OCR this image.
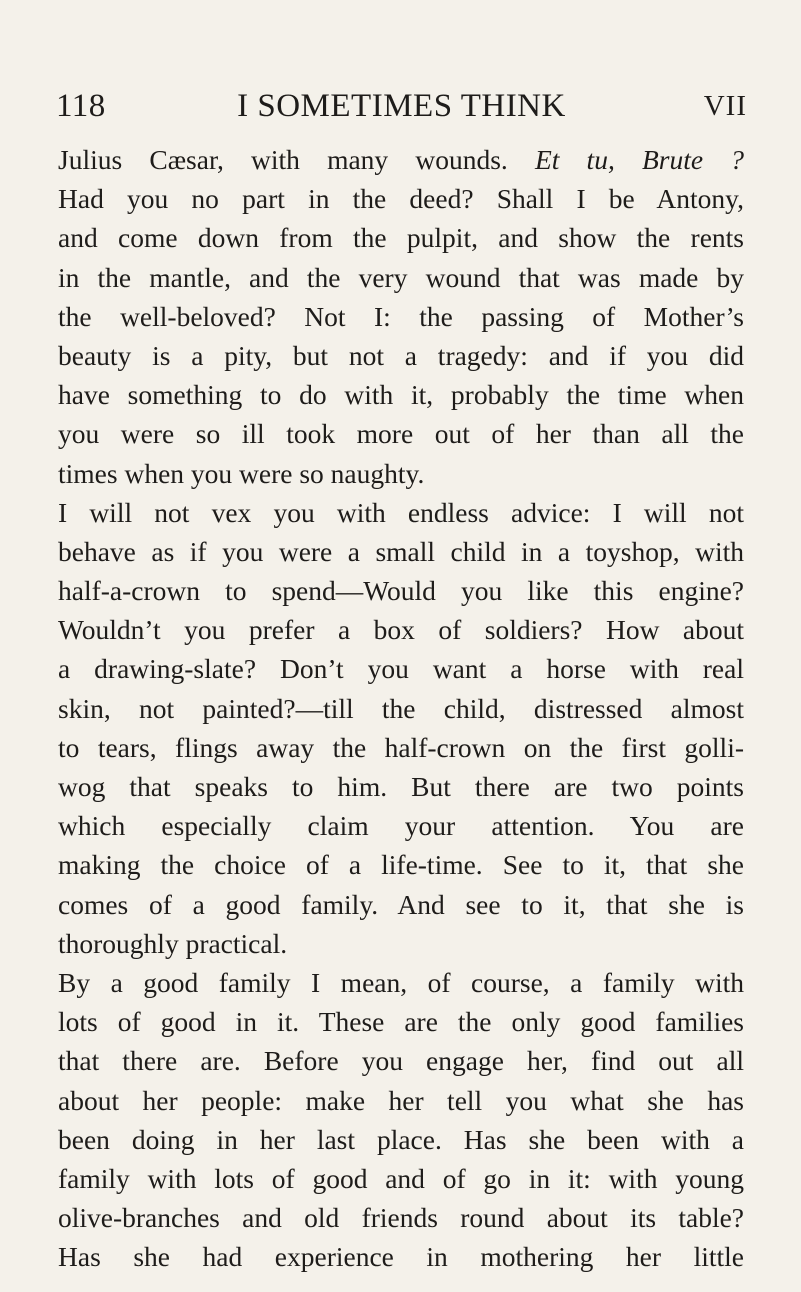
118	I SOMETIMES THINK	VII
Julius Cæsar, with many wounds. Et tu, Brute ?
Had you no part in the deed? Shall I be Antony,
and come down from the pulpit, and show the rents
in the mantle, and the very wound that was made by
the well-beloved? Not I: the passing of Mother’s
beauty is a pity, but not a tragedy: and if you did
have something to do with it, probably the time when
you were so ill took more out of her than all the
times when you were so naughty.
I will not vex you with endless advice: I will not
behave as if you were a small child in a toyshop, with
half-a-crown to spend—Would you like this engine?
Wouldn’t you prefer a box of soldiers? How about
a drawing-slate? Don’t you want a horse with real
skin, not painted?—till the child, distressed almost
to tears, flings away the half-crown on the first golli-
wog that speaks to him. But there are two points
which especially claim your attention. You are
making the choice of a life-time. See to it, that she
comes of a good family. And see to it, that she is
thoroughly practical.
By a good family I mean, of course, a family with
lots of good in it. These are the only good families
that there are. Before you engage her, find out all
about her people: make her tell you what she has
been doing in her last place. Has she been with a
family with lots of good and of go in it: with young
olive-branches and old friends round about its table?
Has she had experience in mothering her little
